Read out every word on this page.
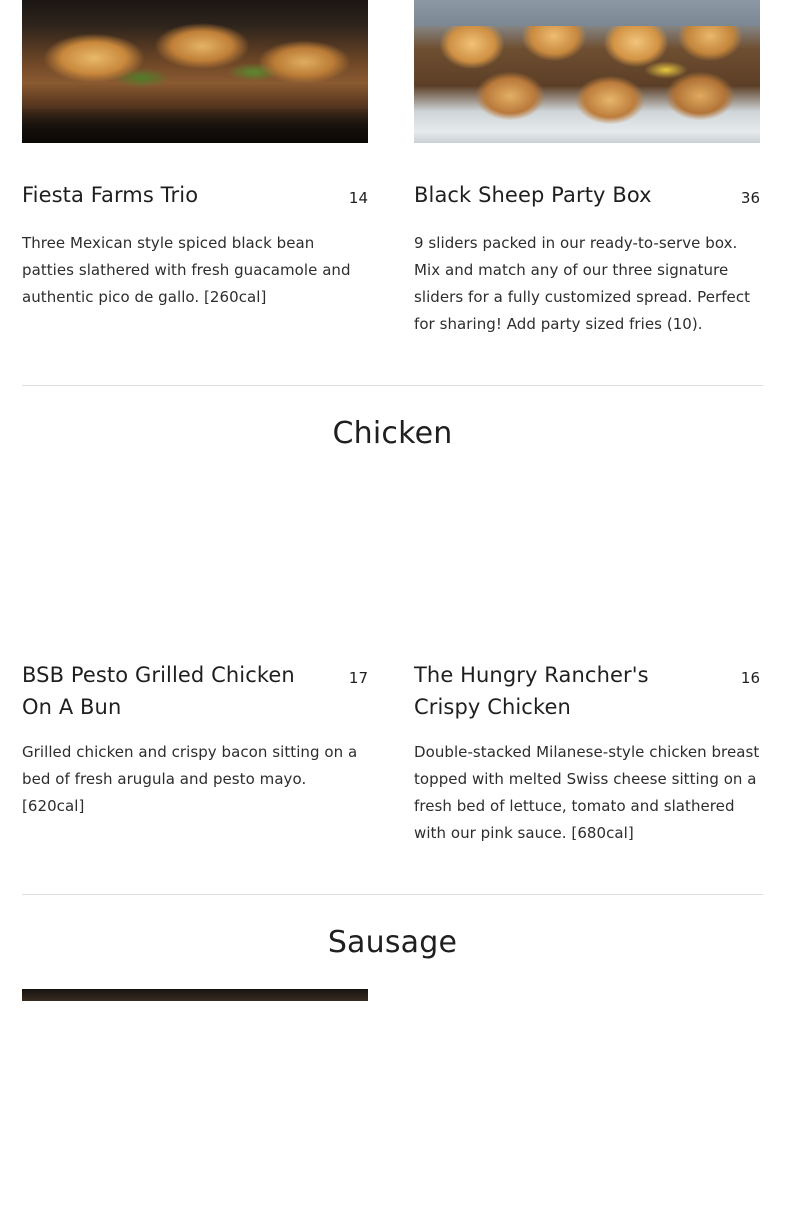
Fiesta Farms Trio	14
Three Mexican style spiced black bean patties slathered with fresh guacamole and authentic pico de gallo. [260cal]
Black Sheep Party Box	36
9 sliders packed in our ready-to-serve box. Mix and match any of our three signature sliders for a fully customized spread. Perfect for sharing! Add party sized fries (10).
Chicken
BSB Pesto Grilled Chicken On A Bun
17
Grilled chicken and crispy bacon sitting on a bed of fresh arugula and pesto mayo. [620cal]
The Hungry Rancher's Crispy Chicken
16
Double-stacked Milanese-style chicken breast topped with melted Swiss cheese sitting on a fresh bed of lettuce, tomato and slathered with our pink sauce. [680cal]
Sausage
